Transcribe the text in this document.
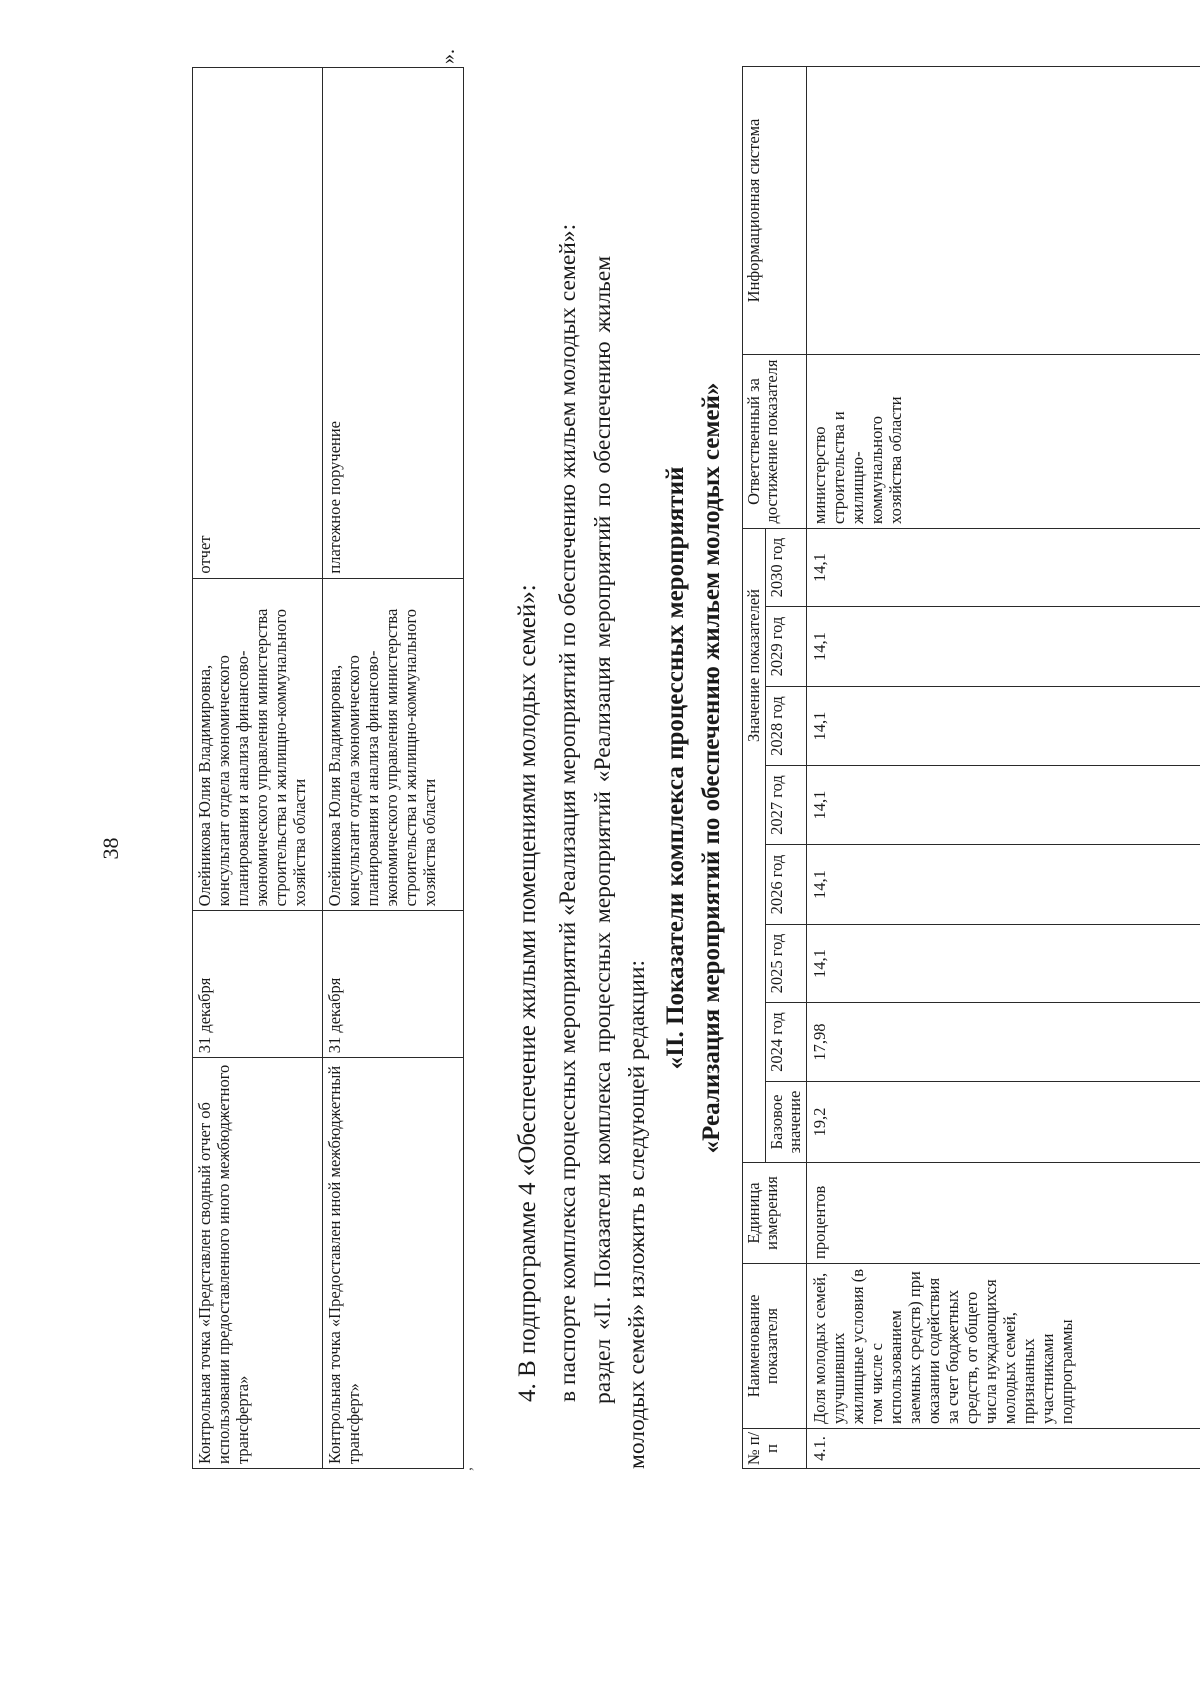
38
Контрольная точка «Представлен сводный отчет об использовании предоставленного иного межбюджетного трансферта»	31 декабря	Олейникова Юлия Владимировна, консультант отдела экономического планирования и анализа финансово-экономического управления министерства строительства и жилищно-коммунального хозяйства области	отчет
Контрольная точка «Предоставлен иной межбюджетный трансферт»	31 декабря	Олейникова Юлия Владимировна, консультант отдела экономического планирования и анализа финансово-экономического управления министерства строительства и жилищно-коммунального хозяйства области	платежное поручение
».
,
4. В подпрограмме 4 «Обеспечение жилыми помещениями молодых семей»: в паспорте комплекса процессных мероприятий «Реализация мероприятий по обеспечению жильем молодых семей»: раздел «II. Показатели комплекса процессных мероприятий «Реализация мероприятий по обеспечению жильем молодых семей» изложить в следующей редакции:
«II. Показатели комплекса процессных мероприятий «Реализация мероприятий по обеспечению жильем молодых семей»
№ п/п	Наименование показателя	Единица измерения	Значение показателей								Ответственный за достижение показателя	Информационная система
			Базовое значение	2024 год	2025 год	2026 год	2027 год	2028 год	2029 год	2030 год		
4.1.	Доля молодых семей, улучшивших жилищные условия (в том числе с использованием заемных средств) при оказании содействия за счет бюджетных средств, от общего числа нуждающихся молодых семей, признанных участниками подпрограммы	процентов	19,2	17,98	14,1	14,1	14,1	14,1	14,1	14,1	министерство строительства и жилищно-коммунального хозяйства области	
